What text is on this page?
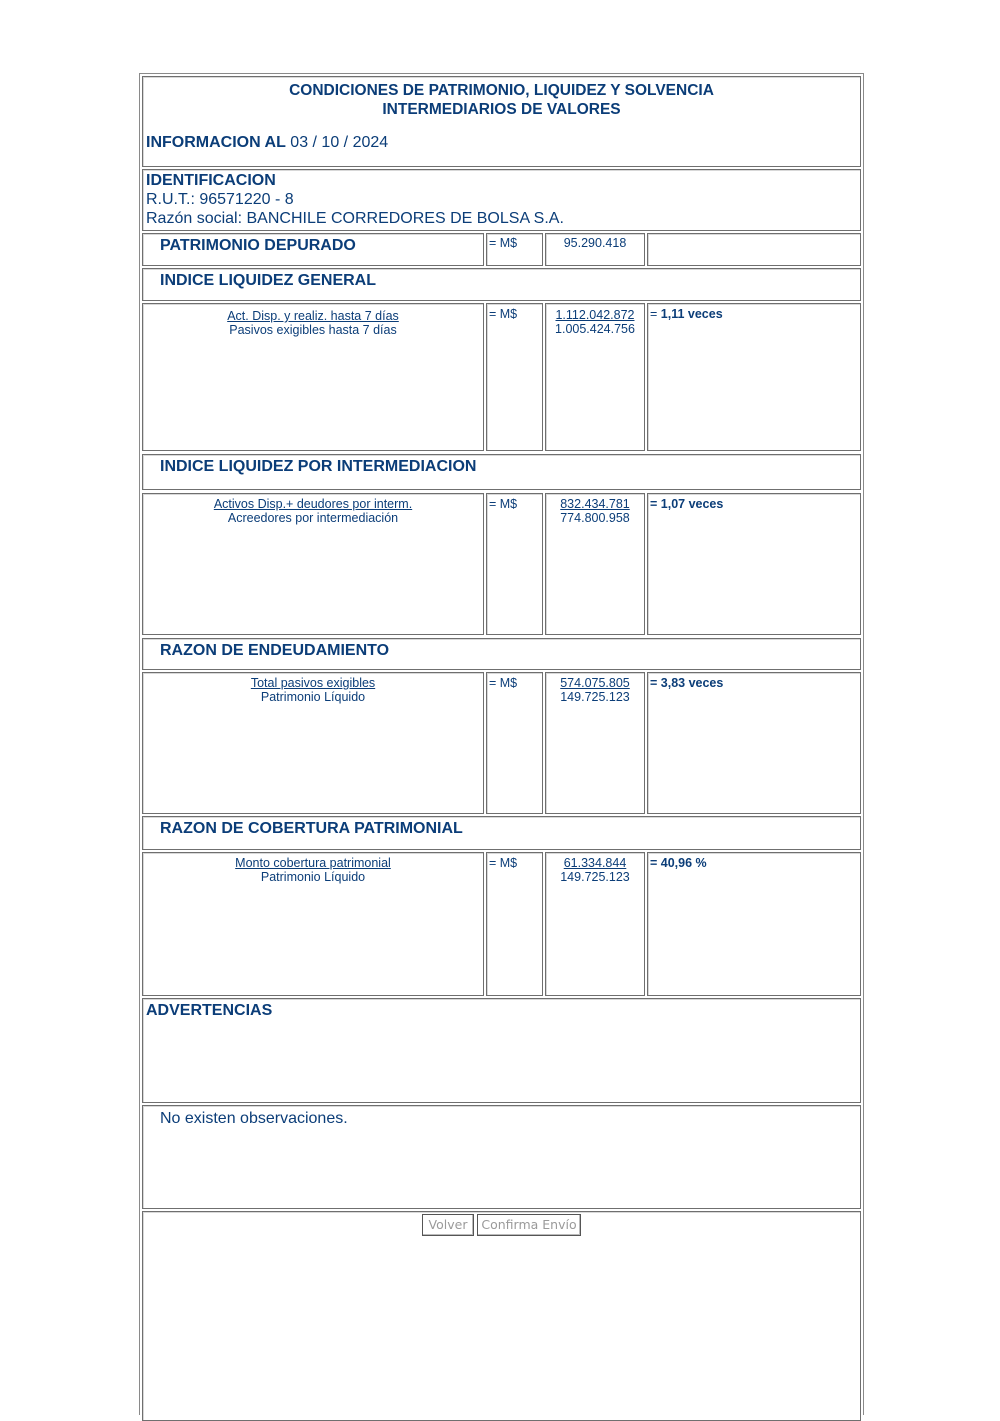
CONDICIONES DE PATRIMONIO, LIQUIDEZ Y SOLVENCIA
INTERMEDIARIOS DE VALORES
INFORMACION AL 03 / 10 / 2024
IDENTIFICACION
R.U.T.: 96571220 - 8
Razón social: BANCHILE CORREDORES DE BOLSA S.A.
PATRIMONIO DEPURADO	= M$	95.290.418
INDICE LIQUIDEZ GENERAL
Act. Disp. y realiz. hasta 7 días
Pasivos exigibles hasta 7 días
= M$ $\frac{1.112.042.872}{1.005.424.756} = 1,11$ veces
INDICE LIQUIDEZ POR INTERMEDIACION
Activos Disp.+ deudores por interm.
Acreedores por intermediación
= M$ $\frac{832.434.781}{774.800.958} = 1,07$ veces
RAZON DE ENDEUDAMIENTO
Total pasivos exigibles
Patrimonio Líquido
= M$ $\frac{574.075.805}{149.725.123} = 3,83$ veces
RAZON DE COBERTURA PATRIMONIAL
Monto cobertura patrimonial
Patrimonio Líquido
= M$ $\frac{61.334.844}{149.725.123} = 40,96$ %
ADVERTENCIAS
No existen observaciones.
Volver	Confirma Envío
